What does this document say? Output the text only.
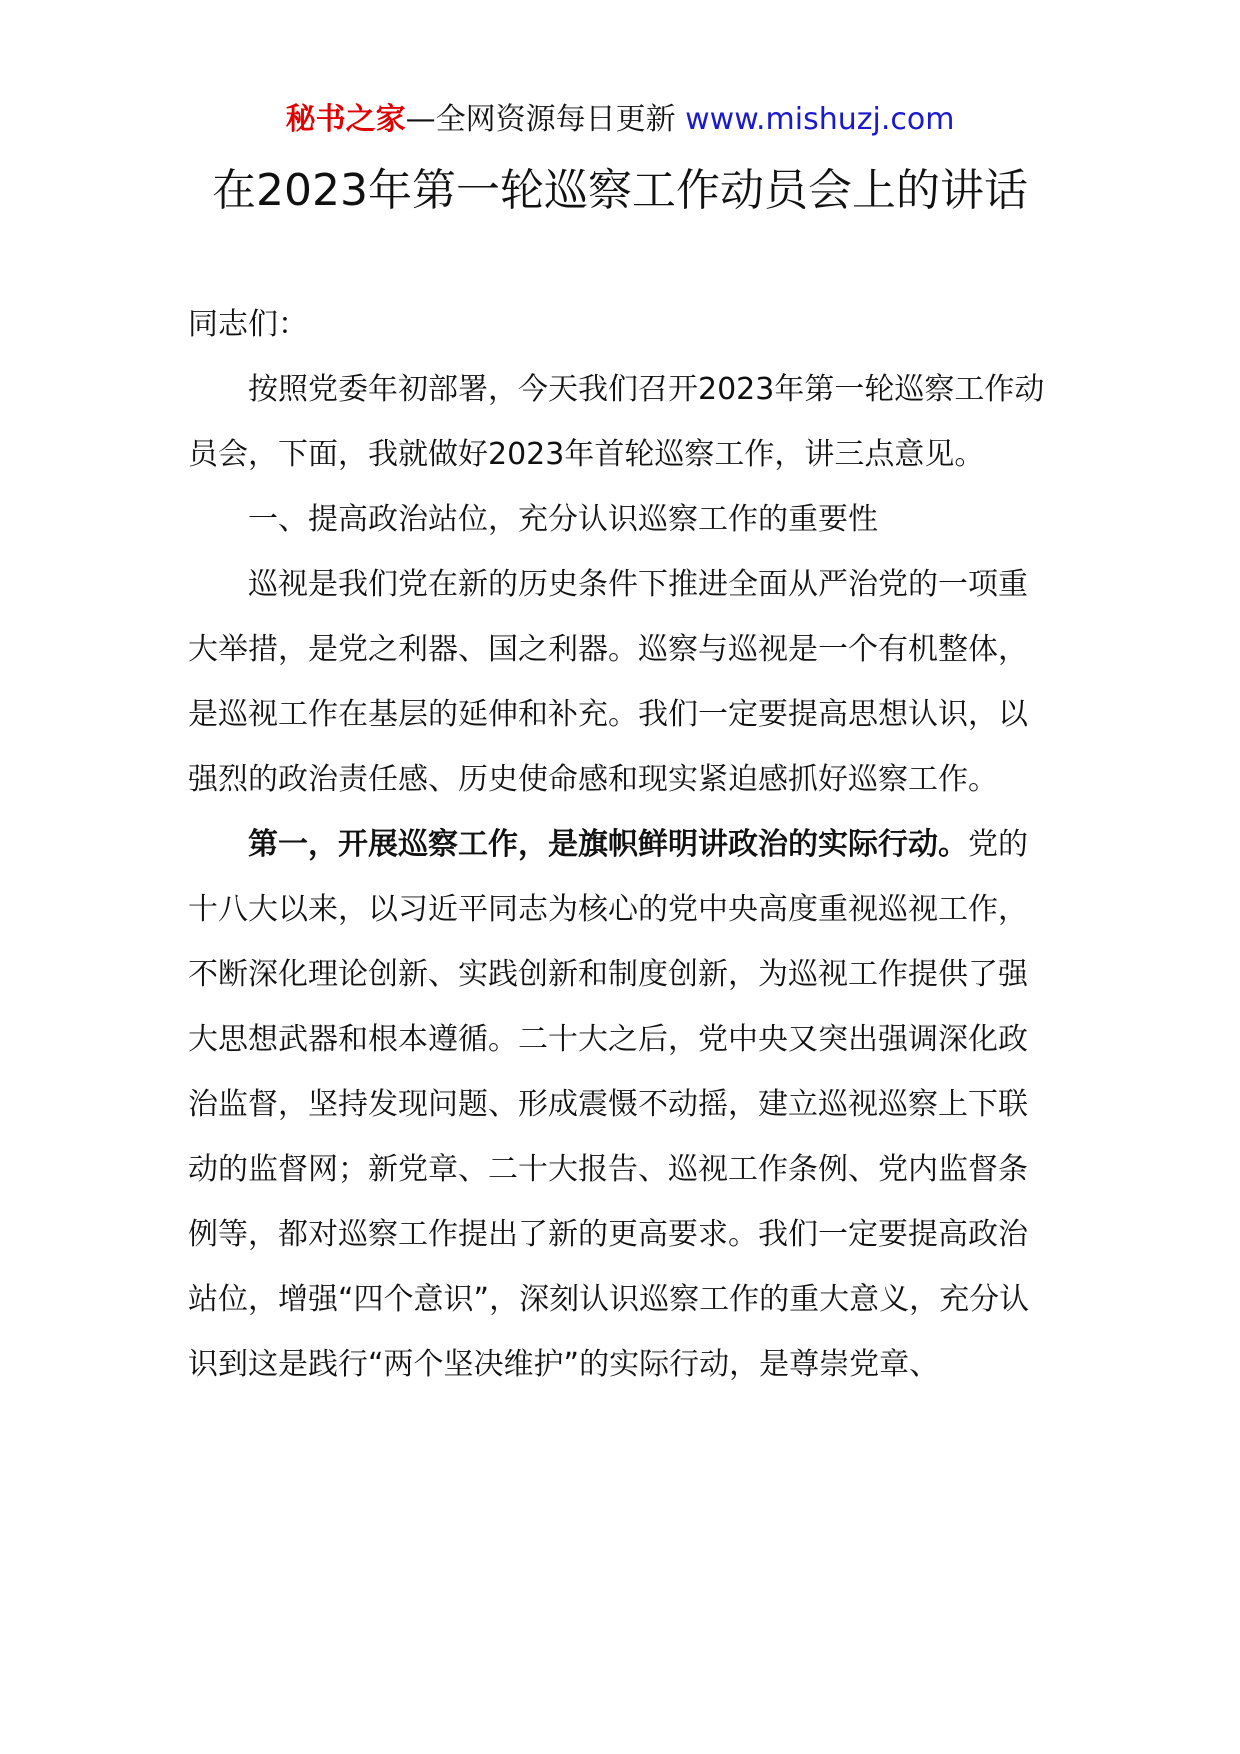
秘书之家—全网资源每日更新 www.mishuzj.com
在2023年第一轮巡察工作动员会上的讲话

同志们：

按照党委年初部署，今天我们召开2023年第一轮巡察工作动员会，下面，我就做好2023年首轮巡察工作，讲三点意见。

一、提高政治站位，充分认识巡察工作的重要性

巡视是我们党在新的历史条件下推进全面从严治党的一项重大举措，是党之利器、国之利器。巡察与巡视是一个有机整体，是巡视工作在基层的延伸和补充。我们一定要提高思想认识，以强烈的政治责任感、历史使命感和现实紧迫感抓好巡察工作。

第一，开展巡察工作，是旗帜鲜明讲政治的实际行动。党的十八大以来，以习近平同志为核心的党中央高度重视巡视工作，不断深化理论创新、实践创新和制度创新，为巡视工作提供了强大思想武器和根本遵循。二十大之后，党中央又突出强调深化政治监督，坚持发现问题、形成震慑不动摇，建立巡视巡察上下联动的监督网；新党章、二十大报告、巡视工作条例、党内监督条例等，都对巡察工作提出了新的更高要求。我们一定要提高政治站位，增强“四个意识”，深刻认识巡察工作的重大意义，充分认识到这是践行“两个坚决维护”的实际行动，是尊崇党章、
